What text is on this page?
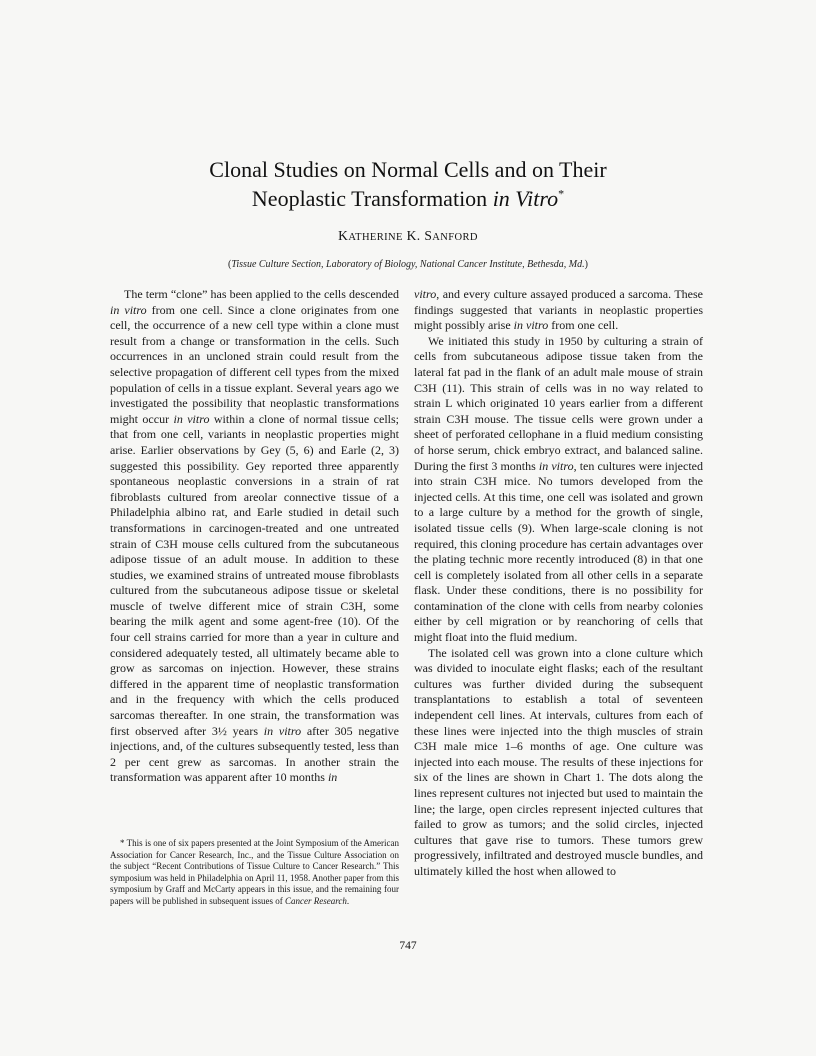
Clonal Studies on Normal Cells and on Their
Neoplastic Transformation in Vitro*
KATHERINE K. SANFORD
(Tissue Culture Section, Laboratory of Biology, National Cancer Institute, Bethesda, Md.)

The term “clone” has been applied to the cells descended in vitro from one cell. Since a clone originates from one cell, the occurrence of a new cell type within a clone must result from a change or transformation in the cells. Such occurrences in an uncloned strain could result from the selective propagation of different cell types from the mixed population of cells in a tissue explant. Several years ago we investigated the possibility that neoplastic transformations might occur in vitro within a clone of normal tissue cells; that from one cell, variants in neoplastic properties might arise. Earlier observations by Gey (5, 6) and Earle (2, 3) suggested this possibility. Gey reported three apparently spontaneous neoplastic conversions in a strain of rat fibroblasts cultured from areolar connective tissue of a Philadelphia albino rat, and Earle studied in detail such transformations in carcinogen-treated and one untreated strain of C3H mouse cells cultured from the subcutaneous adipose tissue of an adult mouse. In addition to these studies, we examined strains of untreated mouse fibroblasts cultured from the subcutaneous adipose tissue or skeletal muscle of twelve different mice of strain C3H, some bearing the milk agent and some agent-free (10). Of the four cell strains carried for more than a year in culture and considered adequately tested, all ultimately became able to grow as sarcomas on injection. However, these strains differed in the apparent time of neoplastic transformation and in the frequency with which the cells produced sarcomas thereafter. In one strain, the transformation was first observed after 3½ years in vitro after 305 negative injections, and, of the cultures subsequently tested, less than 2 per cent grew as sarcomas. In another strain the transformation was apparent after 10 months in

* This is one of six papers presented at the Joint Symposium of the American Association for Cancer Research, Inc., and the Tissue Culture Association on the subject “Recent Contributions of Tissue Culture to Cancer Research.” This symposium was held in Philadelphia on April 11, 1958. Another paper from this symposium by Graff and McCarty appears in this issue, and the remaining four papers will be published in subsequent issues of Cancer Research.

vitro, and every culture assayed produced a sarcoma. These findings suggested that variants in neoplastic properties might possibly arise in vitro from one cell.

We initiated this study in 1950 by culturing a strain of cells from subcutaneous adipose tissue taken from the lateral fat pad in the flank of an adult male mouse of strain C3H (11). This strain of cells was in no way related to strain L which originated 10 years earlier from a different strain C3H mouse. The tissue cells were grown under a sheet of perforated cellophane in a fluid medium consisting of horse serum, chick embryo extract, and balanced saline. During the first 3 months in vitro, ten cultures were injected into strain C3H mice. No tumors developed from the injected cells. At this time, one cell was isolated and grown to a large culture by a method for the growth of single, isolated tissue cells (9). When large-scale cloning is not required, this cloning procedure has certain advantages over the plating technic more recently introduced (8) in that one cell is completely isolated from all other cells in a separate flask. Under these conditions, there is no possibility for contamination of the clone with cells from nearby colonies either by cell migration or by reanchoring of cells that might float into the fluid medium.

The isolated cell was grown into a clone culture which was divided to inoculate eight flasks; each of the resultant cultures was further divided during the subsequent transplantations to establish a total of seventeen independent cell lines. At intervals, cultures from each of these lines were injected into the thigh muscles of strain C3H male mice 1–6 months of age. One culture was injected into each mouse. The results of these injections for six of the lines are shown in Chart 1. The dots along the lines represent cultures not injected but used to maintain the line; the large, open circles represent injected cultures that failed to grow as tumors; and the solid circles, injected cultures that gave rise to tumors. These tumors grew progressively, infiltrated and destroyed muscle bundles, and ultimately killed the host when allowed to

747
